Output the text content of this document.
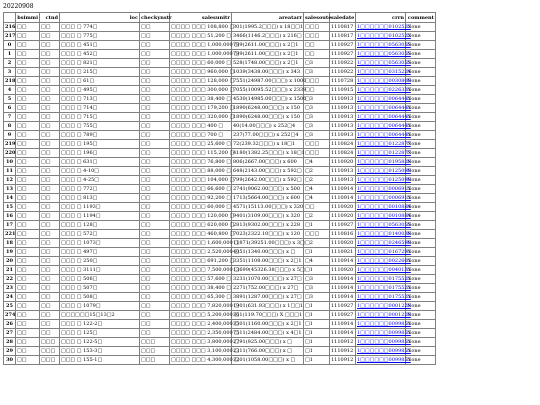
20220908
	bsimmi	ctnd	loc	checkynstr	salesunitr	areatarr	salesoute	saledate	crrn	comment
216	□□	□□	□□□ □ 774□	□□	□□□□ □□□ 108,800 □	301(1995.2□□□) x 18□□1	□□□	1110817	1□□□□□□0102522	None
217	□□	□□	□□□ □ 775□	□□	□□□□ □□□ 51,200 □	3466(1146.2□□□) x 216□	□□□	1110817	1□□□□□□0102522	None
0	□□	□□	□□□ □ 451□	□□	□□□□ □□□ 1,000,000 □	789(2611.00□□□) x 2□1	□□	1110927	1□□□□□□0563055	None
1	□□	□□	□□□ □ 452□	□□	□□□□ □□□ 1,000,000 □	789(2611.00□□□) x 2□1	□□	1110927	1□□□□□□0563055	None
2	□□	□□	□□□ □ 821□	□□	□□□□ □□□ 60,000 □	528(1748.00□□□) x 2□1	□3	1110922	1□□□□□□0563055	None
3	□□	□□	□□□ □ 215□	□□	□□□□ □□□ 960,000 □	1039(3438.00□□□) x 343	□3	1110922	1□□□□□□0315224	None
218	□□	□□	□□□ □ 61□	□□	□□□□ □□□ 128,000 □	7551(24987.00□□□) x 1000	□□□	1110728	1□□□□□□0030800	None
4	□□	□□	□□□ □ 495□	□□	□□□□ □□□ 300,000 □	7055(10095.52□□□) x 2339	□□	1110915	1□□□□□□0226331	None
5	□□	□□	□□□ □ 713□	□□	□□□□ □□□ 38,400 □	4530(14985.00□□□) x 1500	□3	1110913	1□□□□□□0064441	None
6	□□	□□	□□□ □ 714□	□□	□□□□ □□□ 179,200 □	1890(6248.00□□□) x 150	□3	1110913	1□□□□□□0064441	None
7	□□	□□	□□□ □ 715□	□□	□□□□ □□□ 320,000 □	1890(6248.00□□□) x 150	□3	1110913	1□□□□□□0064441	None
8	□□	□□	□□□ □ 755□	□□	□□□□ □□□ 400 □	40(14.00□□□) x 252□4	□3	1110913	1□□□□□□0064441	None
9	□□	□□	□□□ □ 789□	□□	□□□□ □□□ 700 □	237(77.00□□□) x 252□4	□3	1110913	1□□□□□□0064441	None
219	□□	□□	□□□ □ 195□	□□	□□□□ □□□ 25,600 □	72(239.32□□□) x 18□1	□□□	1110824	1□□□□□□0122877	None
220	□□	□□	□□□ □ 196□	□□	□□□□ □□□ 115,200 □	4180(1382.25□□□) x 18□1	□□□	1110824	1□□□□□□0122877	None
10	□□	□□	□□□ □ 631□	□□	□□□□ □□□ 76,800 □	806(2667.00□□□) x 600	□4	1110920	1□□□□□□0195828	None
11	□□	□□	□□□ □ 4-10□	□□	□□□□ □□□ 88,000 □	648(2143.00□□□) x 592□	□2	1110913	1□□□□□□0125090	None
12	□□	□□	□□□ □ 4-25□	□□	□□□□ □□□ 104,000 □	799(2642.00□□□) x 592□	□2	1110913	1□□□□□□0125090	None
13	□□	□□	□□□ □ 772□	□□	□□□□ □□□ 66,600 □	2741(9062.00□□□) x 500	□4	1110914	1□□□□□□0006911	None
14	□□	□□	□□□ □ 813□	□□	□□□□ □□□ 92,200 □	1713(5664.00□□□) x 600	□4	1110914	1□□□□□□0006911	None
15	□□	□□	□□□ □ 1193□	□□	□□□□ □□□ 60,000 □	4571(15113.00□□□) x 320	□□	1110920	1□□□□□□0010884	None
16	□□	□□	□□□ □ 1194□	□□	□□□□ □□□ 120,000 □	9401(3109.00□□□) x 320	□2	1110920	1□□□□□□0010884	None
17	□□	□□	□□□ □ 128□	□□	□□□□ □□□ 620,000 □	2813(9302.00□□□) x 228	□1	1110927	1□□□□□□0563055	None
221	□□	□□	□□□ □ 572□	□□	□□□□ □□□ 460,800 □	7023(2322.10□□□) x 120	□□□	1110816	1□□□□□□0140038	None
18	□□	□□	□□□ □ 1073□	□□	□□□□ □□□ 1,600,000 □	11871(39251.00□□□) x 3□	□2	1110920	1□□□□□□0246590	None
19	□□	□□	□□□ □ 497□	□□	□□□□ □□□ 2,520,000 □	4051(1340.00□□□) x □	□1	1110921	1□□□□□□0167291	None
20	□□	□□	□□□ □ 250□	□□	□□□□ □□□ 691,200 □	3351(1108.00□□□) x 2□1	□4	1110914	1□□□□□□0022601	None
21	□□	□□	□□□ □ 3111□	□□	□□□□ □□□ 7,500,000 □	13699(45326.38□□□) x 5□	□1	1110920	1□□□□□□0040131	None
22	□□	□□	□□□ □ 506□	□□	□□□□ □□□ 57,600 □	3231(1070.00□□□) x 27□	□3	1110914	1□□□□□□0175521	None
23	□□	□□	□□□ □ 507□	□□	□□□□ □□□ 38,400 □	2271(752.00□□□) x 27□	□3	1110914	1□□□□□□0175521	None
24	□□	□□	□□□ □ 508□	□□	□□□□ □□□ 65,300 □	3891(1287.00□□□) x 27□	□3	1110914	1□□□□□□0175521	None
25	□□	□□	□□□ □ 1079□	□□	□□□□ □□□ 7,820,000 □	1901(631.93□□□) x 1□□1	□1	1110927	1□□□□□□0001228	None
274	□□	□□	□□□□□□15□13□2	□□	□□□□ □□□ 5,200,000 □	361(119.70□□□) X □□□1	□1	1110927	1□□□□□□0001228	None
26	□□	□□	□□□ □ 122-2□	□□	□□□□ □□□ 2,400,000 □	3501(1160.00□□□) x 2□1	□1	1110914	1□□□□□□0099851	None
27	□□	□□	□□□ □ 125□	□□	□□□□ □□□ 2,350,000 □	7511(2484.00□□□) x 4□1	□1	1110914	1□□□□□□0099851	None
28	□□	□□□	□□□ □ 122-5□	□□□	□□□□ □□□ 3,800,000 □	2791(925.00□□□) x □	□1	1110912	1□□□□□□0099851	None
29	□□	□□□	□□□ □ 153-3□	□□□	□□□□ □□□ 3,100,000 □	2311(766.00□□□) x □	□1	1110912	1□□□□□□0099851	None
30	□□	□□□	□□□ □ 155-1□	□□□	□□□□ □□□ 4,300,000 □	3201(1058.00□□□) x □	□1	1110912	1□□□□□□0099851	None
